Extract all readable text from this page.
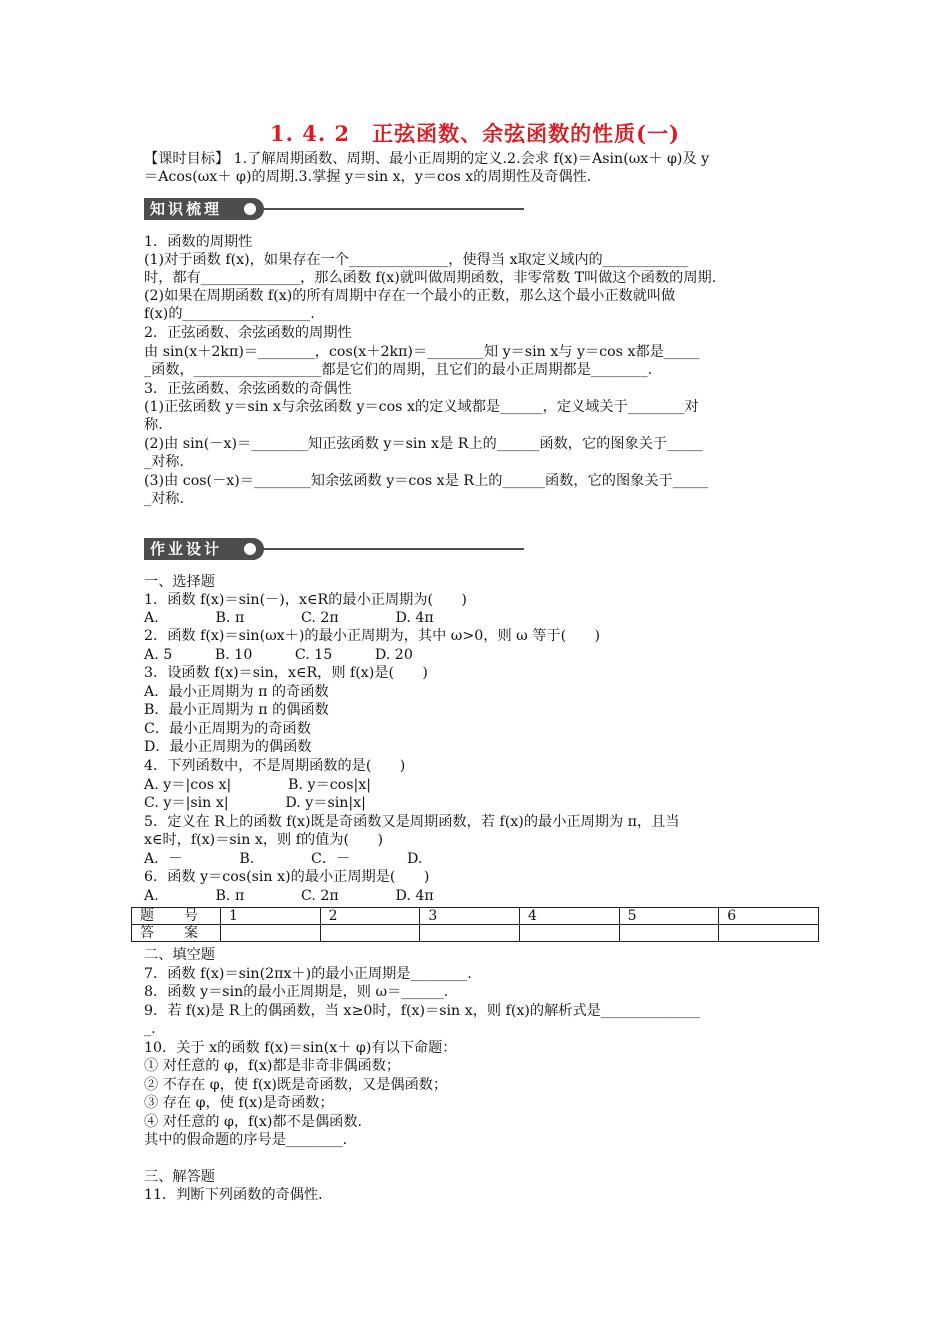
1. 4. 2　正弦函数、余弦函数的性质(一)
【课时目标】 1.了解周期函数、周期、最小正周期的定义.2.会求 f(x)＝Asin(ωx＋ φ)及 y
＝Acos(ωx＋ φ)的周期.3.掌握 y＝sin x，y＝cos x的周期性及奇偶性.
知识梳理
1．函数的周期性
(1)对于函数 f(x)，如果存在一个______________，使得当 x取定义域内的____________
时，都有______________，那么函数 f(x)就叫做周期函数，非零常数 T叫做这个函数的周期.
(2)如果在周期函数 f(x)的所有周期中存在一个最小的正数，那么这个最小正数就叫做
f(x)的__________________.
2．正弦函数、余弦函数的周期性
由 sin(x＋2kπ)＝________，cos(x＋2kπ)＝________知 y＝sin x与 y＝cos x都是_____
_函数，__________________都是它们的周期，且它们的最小正周期都是________.
3．正弦函数、余弦函数的奇偶性
(1)正弦函数 y＝sin x与余弦函数 y＝cos x的定义域都是______，定义域关于________对
称.
(2)由 sin(－x)＝________知正弦函数 y＝sin x是 R上的______函数，它的图象关于_____
_对称.
(3)由 cos(－x)＝________知余弦函数 y＝cos x是 R上的______函数，它的图象关于_____
_对称.
作业设计
一、选择题
1．函数 f(x)＝sin(－)，x∈R的最小正周期为(　　)
A.　　　　B. π　　　　C. 2π　　　　D. 4π
2．函数 f(x)＝sin(ωx＋)的最小正周期为，其中 ω>0，则 ω 等于(　　)
A. 5　　　B. 10　　　C. 15　　　D. 20
3．设函数 f(x)＝sin，x∈R，则 f(x)是(　　)
A．最小正周期为 π 的奇函数
B．最小正周期为 π 的偶函数
C．最小正周期为的奇函数
D．最小正周期为的偶函数
4．下列函数中，不是周期函数的是(　　)
A. y＝|cos x|　　　　B. y＝cos|x|
C. y＝|sin x|　　　　D. y＝sin|x|
5．定义在 R上的函数 f(x)既是奇函数又是周期函数，若 f(x)的最小正周期为 π，且当
x∈时，f(x)＝sin x，则 f的值为(　　)
A．－　　　　B.　　　　C．－　　　　D.
6．函数 y＝cos(sin x)的最小正周期是(　　)
A.　　　　B. π　　　　C. 2π　　　　D. 4π
题　号	1	2	3	4	5	6
答　案						
二、填空题
7．函数 f(x)＝sin(2πx＋)的最小正周期是________.
8．函数 y＝sin的最小正周期是，则 ω＝______.
9．若 f(x)是 R上的偶函数，当 x≥0时，f(x)＝sin x，则 f(x)的解析式是______________
_.
10．关于 x的函数 f(x)＝sin(x＋ φ)有以下命题：
① 对任意的 φ，f(x)都是非奇非偶函数；
② 不存在 φ，使 f(x)既是奇函数，又是偶函数；
③ 存在 φ，使 f(x)是奇函数；
④ 对任意的 φ，f(x)都不是偶函数.
其中的假命题的序号是________.
三、解答题
11．判断下列函数的奇偶性.
